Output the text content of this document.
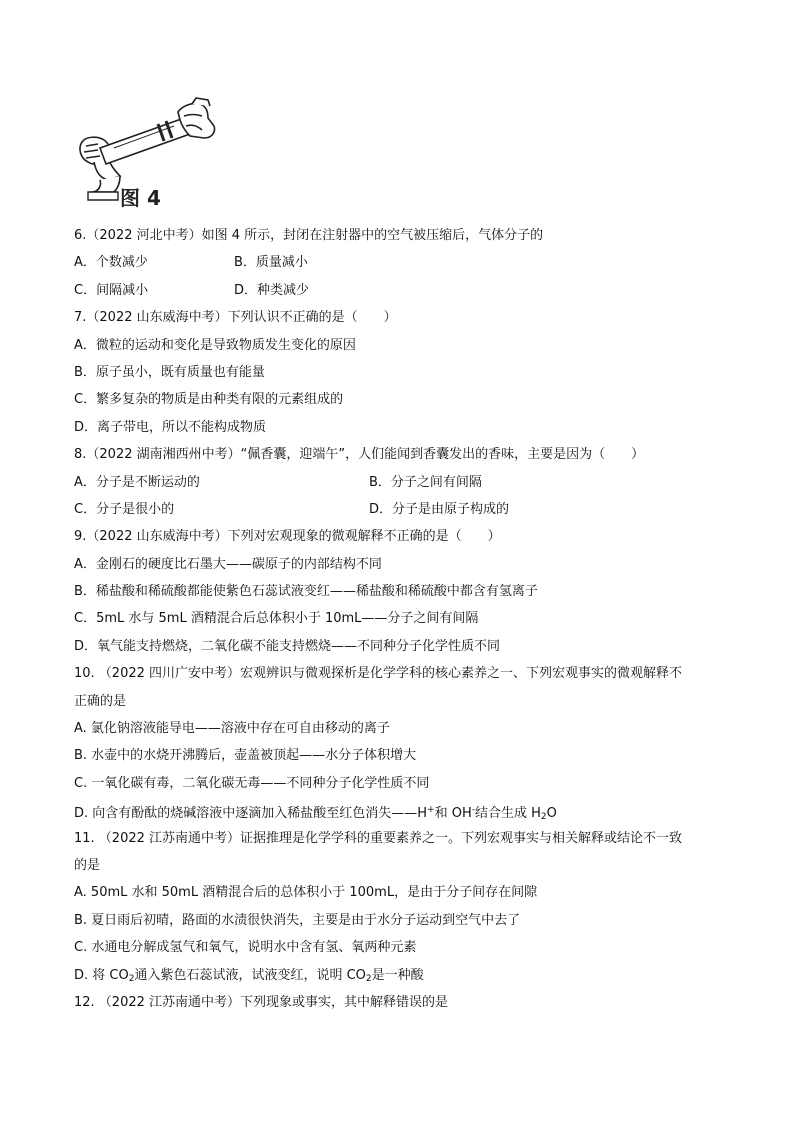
图 4
6.（2022 河北中考）如图 4 所示，封闭在注射器中的空气被压缩后，气体分子的
A．个数减少	B．质量减小
C．间隔减小	D．种类减少
7.（2022 山东威海中考）下列认识不正确的是（　　）
A．微粒的运动和变化是导致物质发生变化的原因
B．原子虽小，既有质量也有能量
C．繁多复杂的物质是由种类有限的元素组成的
D．离子带电，所以不能构成物质
8.（2022 湖南湘西州中考）“佩香囊，迎端午”，人们能闻到香囊发出的香味，主要是因为（　　）
A．分子是不断运动的	B．分子之间有间隔
C．分子是很小的	D．分子是由原子构成的
9.（2022 山东威海中考）下列对宏观现象的微观解释不正确的是（　　）
A．金刚石的硬度比石墨大——碳原子的内部结构不同
B．稀盐酸和稀硫酸都能使紫色石蕊试液变红——稀盐酸和稀硫酸中都含有氢离子
C．5mL 水与 5mL 酒精混合后总体积小于 10mL——分子之间有间隔
D．氧气能支持燃烧，二氧化碳不能支持燃烧——不同种分子化学性质不同
10. （2022 四川广安中考）宏观辨识与微观探析是化学学科的核心素养之一、下列宏观事实的微观解释不
正确的是
A. 氯化钠溶液能导电——溶液中存在可自由移动的离子
B. 水壶中的水烧开沸腾后，壶盖被顶起——水分子体积增大
C. 一氧化碳有毒，二氧化碳无毒——不同种分子化学性质不同
D. 向含有酚酞的烧碱溶液中逐滴加入稀盐酸至红色消失——H+和 OH-结合生成 $H_2O$
11. （2022 江苏南通中考）证据推理是化学学科的重要素养之一。下列宏观事实与相关解释或结论不一致
的是
A. 50mL 水和 50mL 酒精混合后的总体积小于 100mL，是由于分子间存在间隙
B. 夏日雨后初晴，路面的水渍很快消失，主要是由于水分子运动到空气中去了
C. 水通电分解成氢气和氧气，说明水中含有氢、氧两种元素
D. 将 $CO_2$通入紫色石蕊试液，试液变红，说明 $CO_2$是一种酸
12. （2022 江苏南通中考）下列现象或事实，其中解释错误的是
